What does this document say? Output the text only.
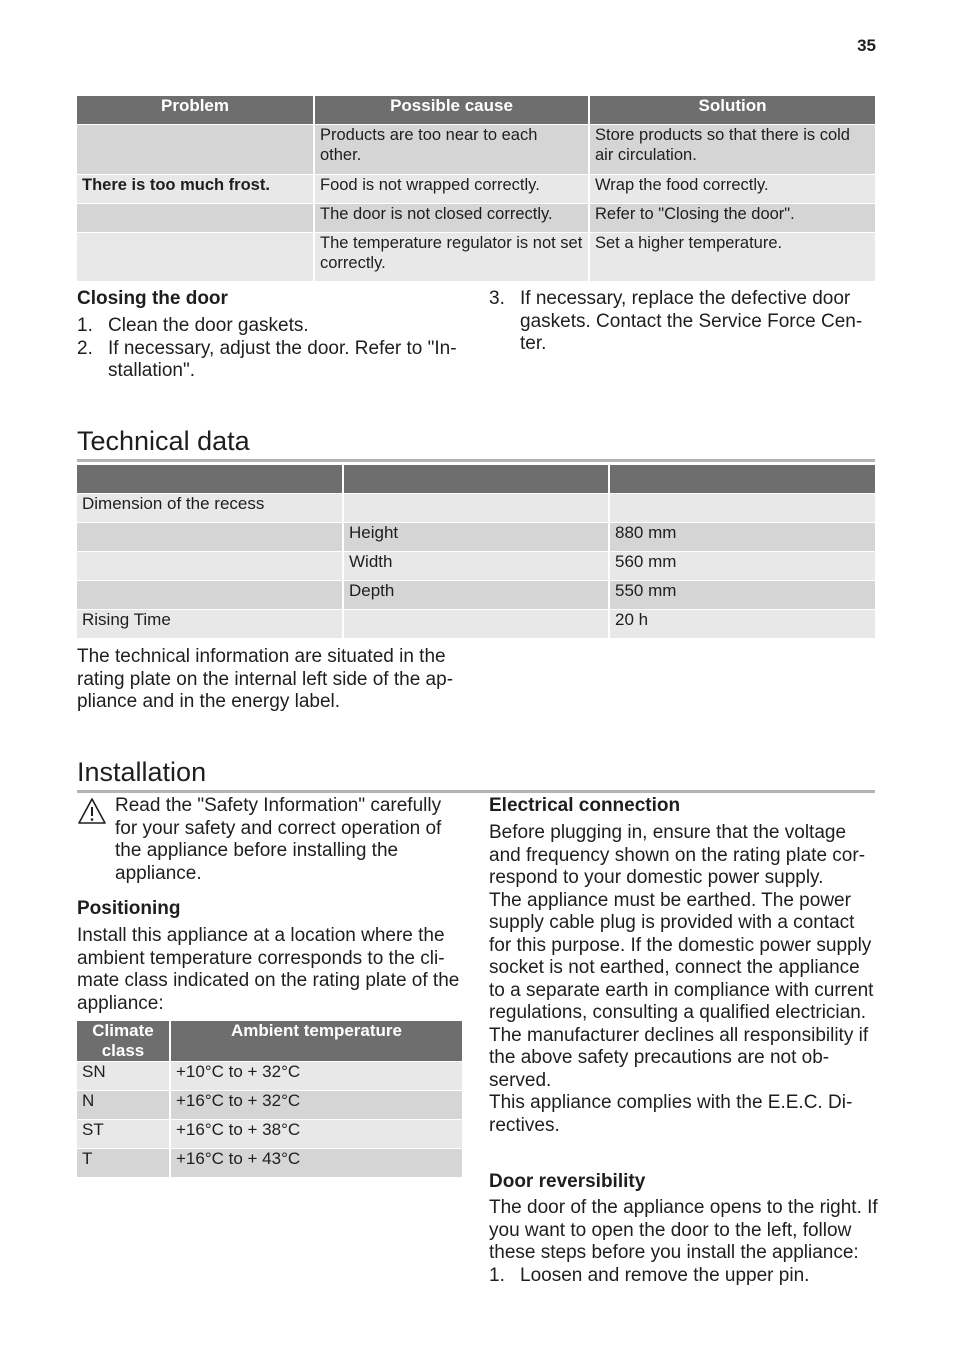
35
Problem	Possible cause	Solution
	Products are too near to each other.	Store products so that there is cold air circulation.
There is too much frost.	Food is not wrapped correctly.	Wrap the food correctly.
	The door is not closed correctly.	Refer to "Closing the door".
	The temperature regulator is not set correctly.	Set a higher temperature.
Closing the door
1. Clean the door gaskets.
2. If necessary, adjust the door. Refer to "Installation".
3. If necessary, replace the defective door gaskets. Contact the Service Force Center.
Technical data

Dimension of the recess		
	Height	880 mm
	Width	560 mm
	Depth	550 mm
Rising Time		20 h

The technical information are situated in the rating plate on the internal left side of the appliance and in the energy label.

Installation

Read the "Safety Information" carefully for your safety and correct operation of the appliance before installing the appliance.

Positioning

Install this appliance at a location where the ambient temperature corresponds to the climate class indicated on the rating plate of the appliance:

Climate class	Ambient temperature
SN	+10°C to + 32°C
N	+16°C to + 32°C
ST	+16°C to + 38°C
T	+16°C to + 43°C
Electrical connection

Before plugging in, ensure that the voltage and frequency shown on the rating plate correspond to your domestic power supply.

The appliance must be earthed. The power supply cable plug is provided with a contact for this purpose. If the domestic power supply socket is not earthed, connect the appliance to a separate earth in compliance with current regulations, consulting a qualified electrician.

The manufacturer declines all responsibility if the above safety precautions are not observed.

This appliance complies with the E.E.C. Directives.

Door reversibility

The door of the appliance opens to the right. If you want to open the door to the left, follow these steps before you install the appliance:

1. Loosen and remove the upper pin.
